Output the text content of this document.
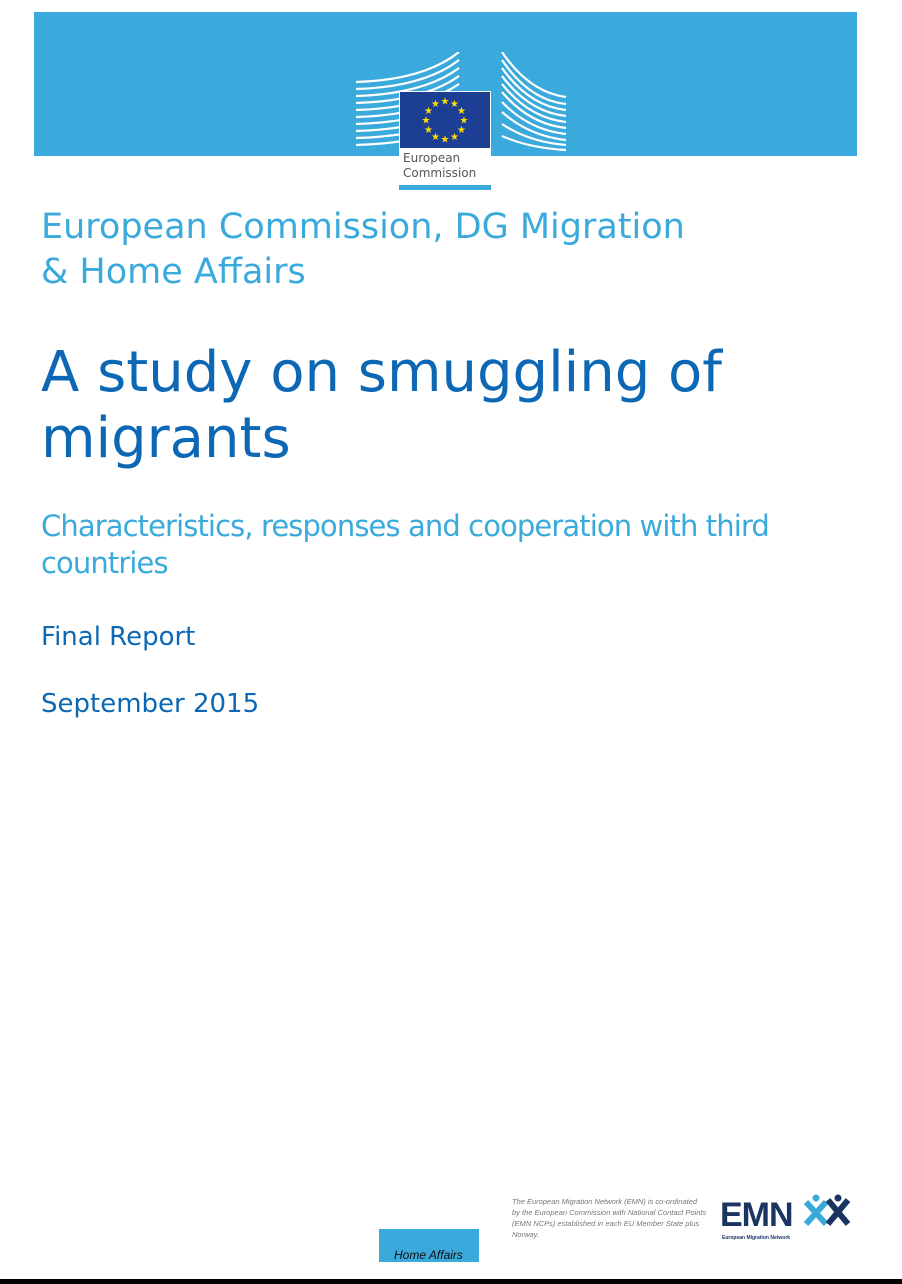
★ ★
★
★
★
★
★
★
★
★
★
★
European
Commission
European Commission, DG Migration
& Home Affairs
A study on smuggling of
migrants
Characteristics, responses and cooperation with third
countries
Final Report
September 2015
Home Affairs
The European Migration Network (EMN) is co-ordinated by the European Commission with National Contact Points (EMN NCPs) established in each EU Member State plus Norway.
EMN
European Migration Network
